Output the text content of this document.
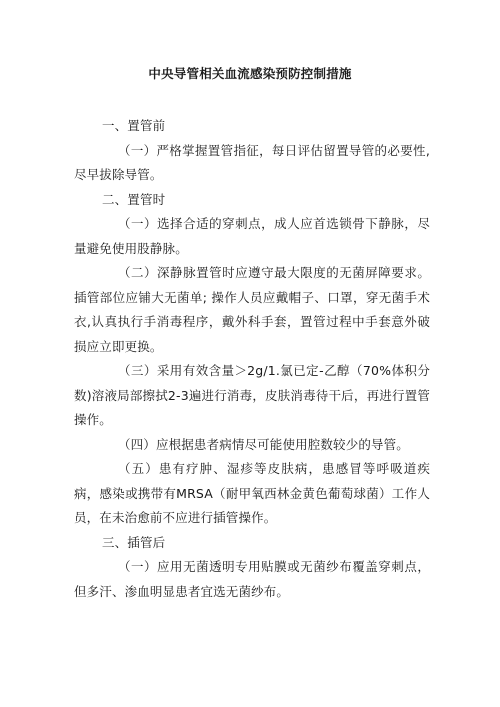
中央导管相关血流感染预防控制措施

一、置管前

（一）严格掌握置管指征，每日评估留置导管的必要性,尽早拔除导管。

二、置管时

（一）选择合适的穿刺点，成人应首选锁骨下静脉，尽量避免使用股静脉。

（二）深静脉置管时应遵守最大限度的无菌屏障要求。插管部位应铺大无菌单; 操作人员应戴帽子、口罩，穿无菌手术衣,认真执行手消毒程序，戴外科手套，置管过程中手套意外破损应立即更换。

（三）采用有效含量＞2g/1.氯已定-乙醇（70%体积分数)溶液局部擦拭2-3遍进行消毒，皮肤消毒待干后，再进行置管操作。

（四）应根据患者病情尽可能使用腔数较少的导管。

（五）患有疗肿、湿疹等皮肤病，患感冒等呼吸道疾病，感染或携带有MRSA（耐甲氧西林金黄色葡萄球菌）工作人员，在未治愈前不应进行插管操作。

三、插管后

（一）应用无菌透明专用贴膜或无菌纱布覆盖穿刺点，但多汗、渗血明显患者宜选无菌纱布。
